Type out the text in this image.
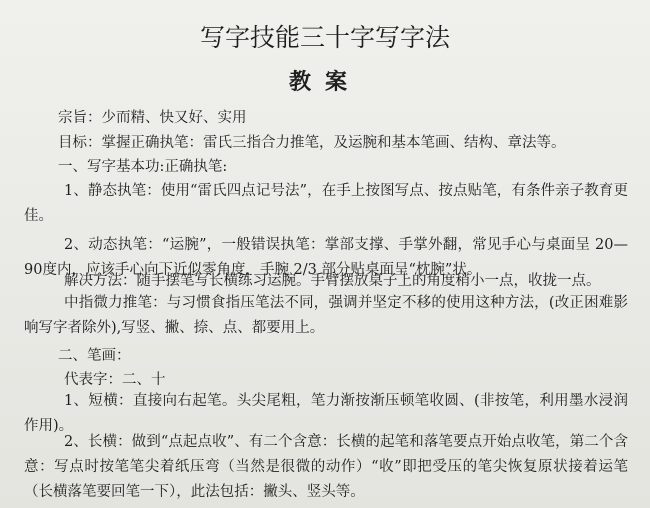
写字技能三十字写字法
教案
宗旨：少而精、快又好、实用
目标：掌握正确执笔：雷氏三指合力推笔，及运腕和基本笔画、结构、章法等。
一、写字基本功:正确执笔:
1、静态执笔：使用“雷氏四点记号法”，在手上按图写点、按点贴笔，有条件亲子教育更佳。
2、动态执笔：“运腕”，一般错误执笔：掌部支撑、手掌外翻，常见手心与桌面呈 20—90度内，应该手心向下近似零角度，手腕 2/3 部分贴桌面呈“枕腕”状。
解决方法：随手摆笔写长横练习运腕。手臂摆放桌子上的角度稍小一点，收拢一点。
中指微力推笔：与习惯食指压笔法不同，强调并坚定不移的使用这种方法，(改正困难影响写字者除外),写竖、撇、捺、点、都要用上。
二、笔画：
代表字：二、十
1、短横：直接向右起笔。头尖尾粗，笔力渐按渐压顿笔收圆、(非按笔，利用墨水浸润作用)。
2、长横：做到“点起点收”、有二个含意：长横的起笔和落笔要点开始点收笔，第二个含意：写点时按笔笔尖着纸压弯（当然是很微的动作）“收”即把受压的笔尖恢复原状接着运笔（长横落笔要回笔一下），此法包括：撇头、竖头等。
